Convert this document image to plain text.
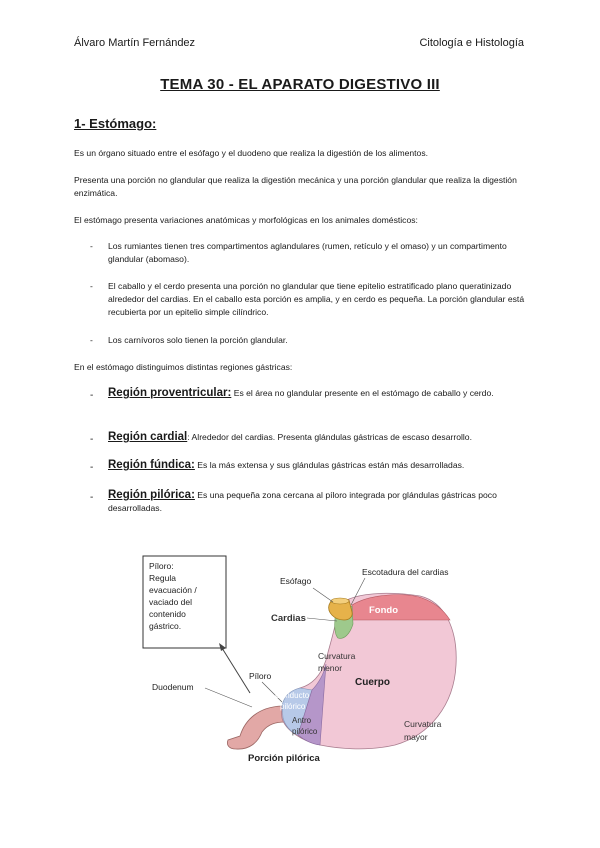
Álvaro Martín Fernández	Citología e Histología
TEMA 30 - EL APARATO DIGESTIVO III
1- Estómago:
Es un órgano situado entre el esófago y el duodeno que realiza la digestión de los alimentos.
Presenta una porción no glandular que realiza la digestión mecánica y una porción glandular que realiza la digestión enzimática.
El estómago presenta variaciones anatómicas y morfológicas en los animales domésticos:
- Los rumiantes tienen tres compartimentos aglandulares (rumen, retículo y el omaso) y un compartimento glandular (abomaso).
- El caballo y el cerdo presenta una porción no glandular que tiene epitelio estratificado plano queratinizado alrededor del cardias. En el caballo esta porción es amplia, y en cerdo es pequeña. La porción glandular está recubierta por un epitelio simple cilíndrico.
- Los carnívoros solo tienen la porción glandular.
En el estómago distinguimos distintas regiones gástricas:
- Región proventricular: Es el área no glandular presente en el estómago de caballo y cerdo.
- Región cardial: Alrededor del cardias. Presenta glándulas gástricas de escaso desarrollo.
- Región fúndica: Es la más extensa y sus glándulas gástricas están más desarrolladas.
- Región pilórica: Es una pequeña zona cercana al píloro integrada por glándulas gástricas poco desarrolladas.
Píloro: Regula evacuación / vaciado del contenido gástrico.
Esófago
Escotadura del cardias
Cardias
Fondo
Curvatura menor
Cuerpo
Píloro
Duodenum
Conducto pilórico
Antro pilórico
Curvatura mayor
Porción pilórica
